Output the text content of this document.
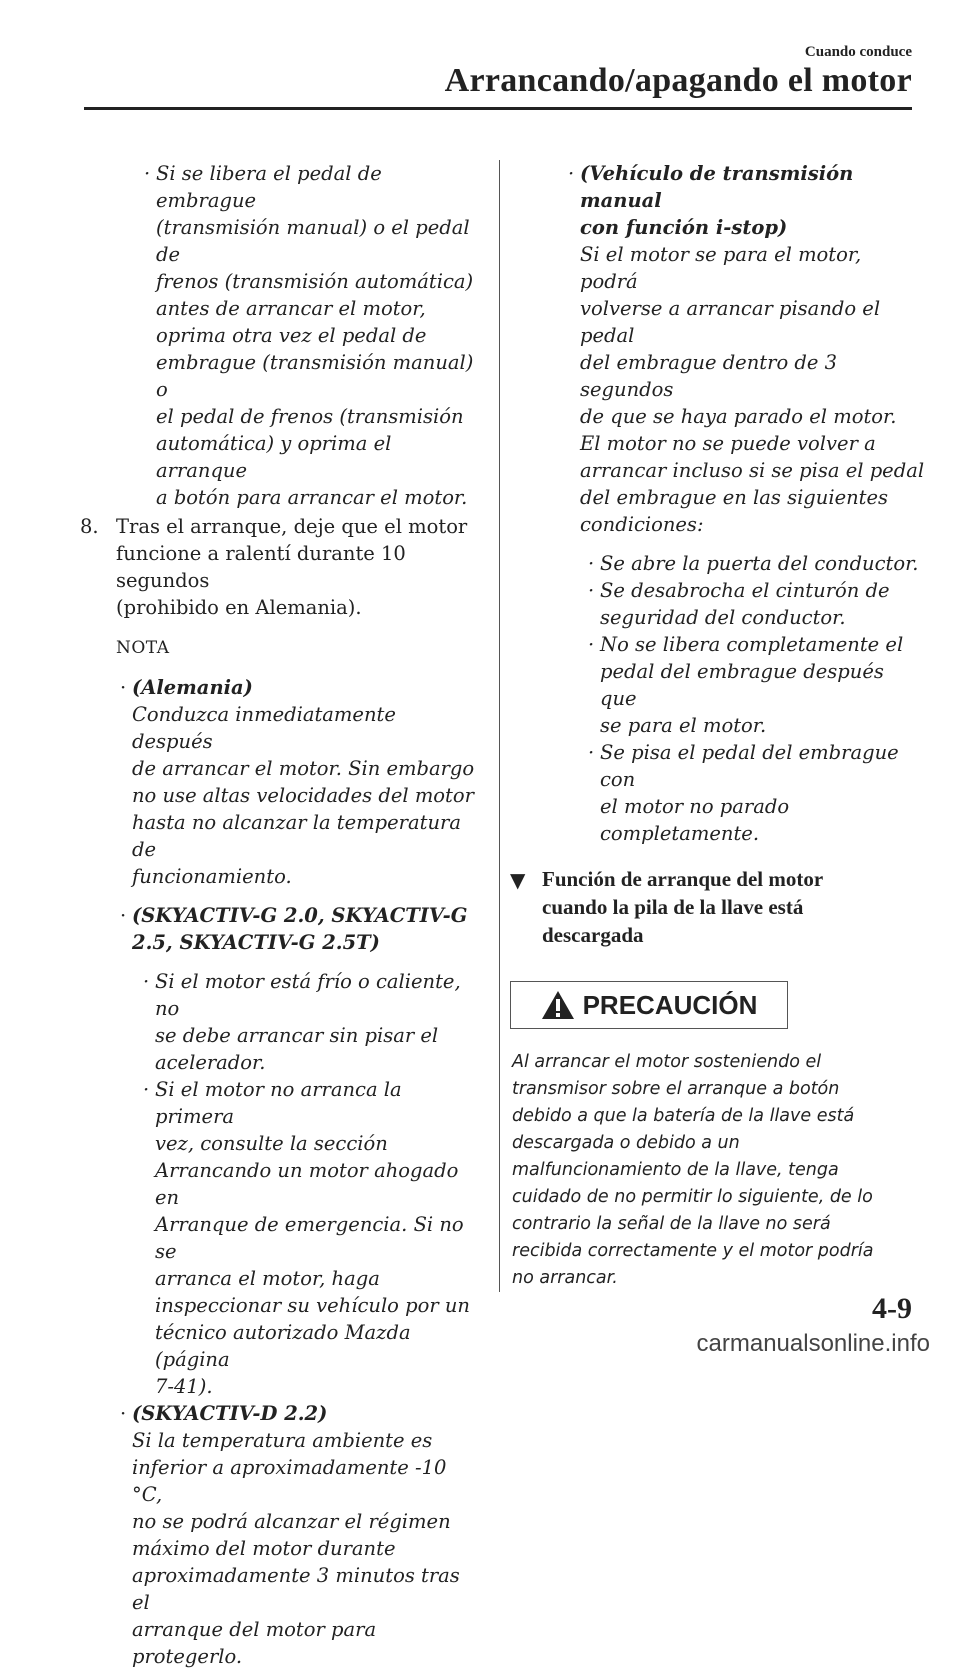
Cuando conduce
Arrancando/apagando el motor
· Si se libera el pedal de embrague
(transmisión manual) o el pedal de
frenos (transmisión automática)
antes de arrancar el motor,
oprima otra vez el pedal de
embrague (transmisión manual) o
el pedal de frenos (transmisión
automática) y oprima el arranque
a botón para arrancar el motor.
8. Tras el arranque, deje que el motor
funcione a ralentí durante 10 segundos
(prohibido en Alemania).
NOTA
· (Alemania)
Conduzca inmediatamente después
de arrancar el motor. Sin embargo
no use altas velocidades del motor
hasta no alcanzar la temperatura de
funcionamiento.
· (SKYACTIV-G 2.0, SKYACTIV-G
2.5, SKYACTIV-G 2.5T)
· Si el motor está frío o caliente, no
se debe arrancar sin pisar el
acelerador.
· Si el motor no arranca la primera
vez, consulte la sección
Arrancando un motor ahogado en
Arranque de emergencia. Si no se
arranca el motor, haga
inspeccionar su vehículo por un
técnico autorizado Mazda (página
7-41).
· (SKYACTIV-D 2.2)
Si la temperatura ambiente es
inferior a aproximadamente -10 °C,
no se podrá alcanzar el régimen
máximo del motor durante
aproximadamente 3 minutos tras el
arranque del motor para protegerlo.
· (Vehículo de transmisión manual
con función i-stop)
Si el motor se para el motor, podrá
volverse a arrancar pisando el pedal
del embrague dentro de 3 segundos
de que se haya parado el motor.
El motor no se puede volver a
arrancar incluso si se pisa el pedal
del embrague en las siguientes
condiciones:
· Se abre la puerta del conductor.
· Se desabrocha el cinturón de
seguridad del conductor.
· No se libera completamente el
pedal del embrague después que
se para el motor.
· Se pisa el pedal del embrague con
el motor no parado
completamente.
▼ Función de arranque del motor
cuando la pila de la llave está
descargada
PRECAUCIÓN
Al arrancar el motor sosteniendo el
transmisor sobre el arranque a botón
debido a que la batería de la llave está
descargada o debido a un
malfuncionamiento de la llave, tenga
cuidado de no permitir lo siguiente, de lo
contrario la señal de la llave no será
recibida correctamente y el motor podría
no arrancar.
4-9
carmanualsonline.info
